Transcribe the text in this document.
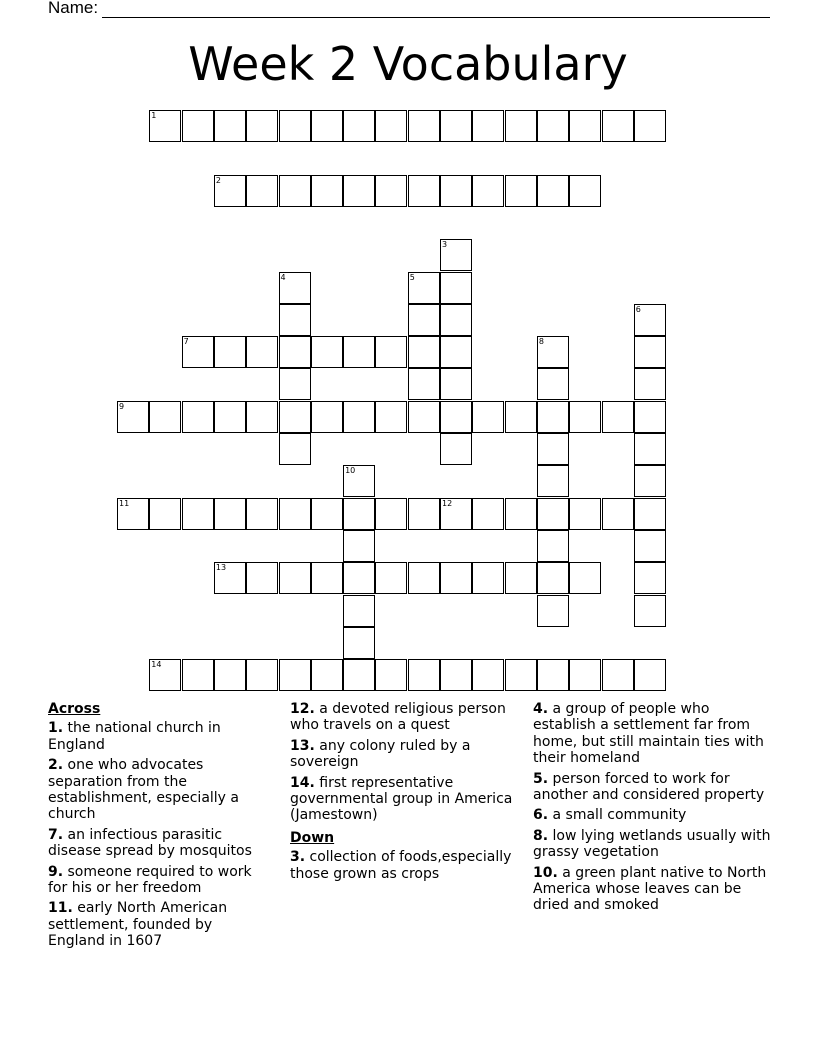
Name:
Week 2 Vocabulary
1
2
3
4	5
6
7	8
9
10
11	12
13
14
Across
1. the national church in England
2. one who advocates separation from the establishment, especially a church
7. an infectious parasitic disease spread by mosquitos
9. someone required to work for his or her freedom
11. early North American settlement, founded by England in 1607
12. a devoted religious person who travels on a quest
13. any colony ruled by a sovereign
14. first representative governmental group in America (Jamestown)
Down
3. collection of foods,especially those grown as crops
4. a group of people who establish a settlement far from home, but still maintain ties with their homeland
5. person forced to work for another and considered property
6. a small community
8. low lying wetlands usually with grassy vegetation
10. a green plant native to North America whose leaves can be dried and smoked
